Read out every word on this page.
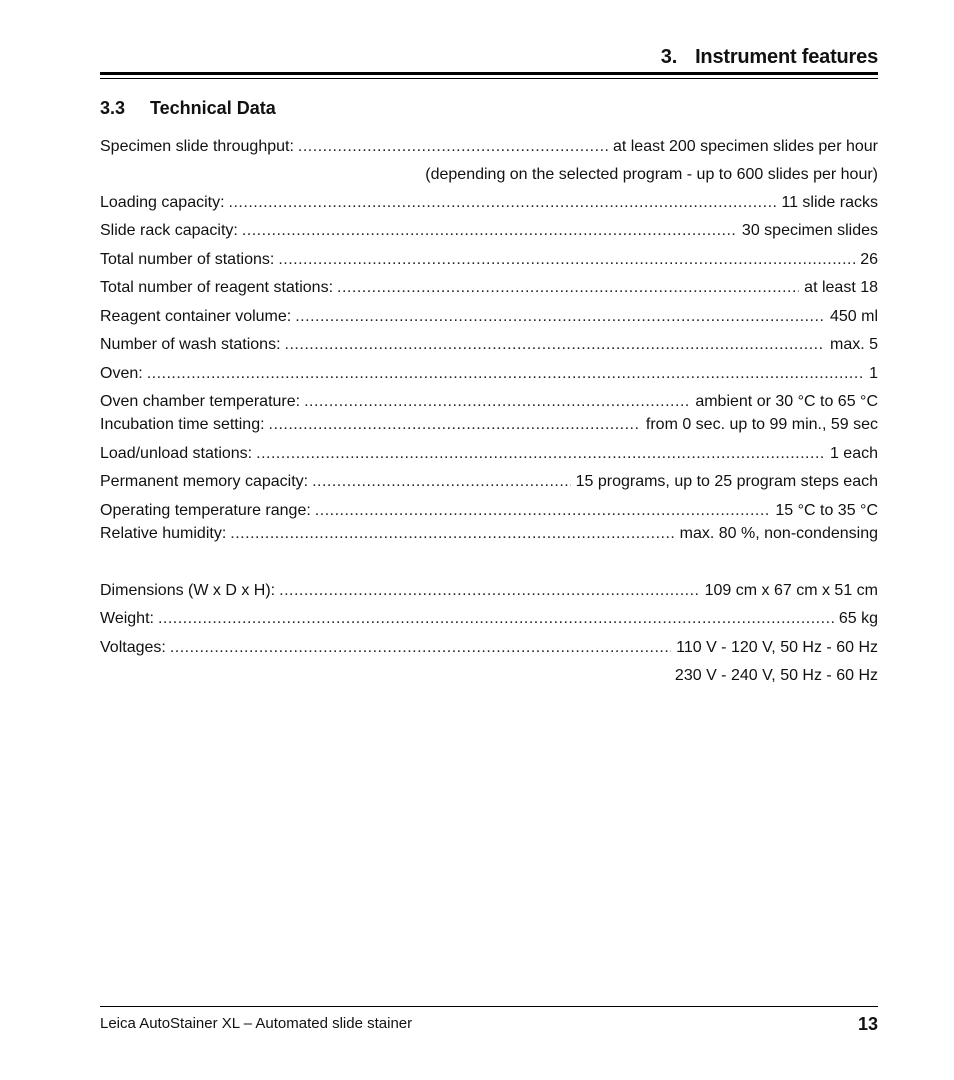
3. Instrument features
3.3 Technical Data
Specimen slide throughput: .....	at least 200 specimen slides per hour
(depending on the selected program - up to 600 slides per hour)
Loading capacity: .....	11 slide racks
Slide rack capacity: .....	30 specimen slides
Total number of stations: .....	26
Total number of reagent stations: .....	at least 18
Reagent container volume: .....	450 ml
Number of wash stations: .....	max. 5
Oven: .....	1
Oven chamber temperature: .....	ambient or 30 °C to 65 °C
Incubation time setting: .....	from 0 sec. up to 99 min., 59 sec
Load/unload stations: .....	1 each
Permanent memory capacity: .....	15 programs, up to 25 program steps each
Operating temperature range: .....	15 °C to 35 °C
Relative humidity: .....	max. 80 %, non-condensing
Dimensions (W x D x H): .....	109 cm x 67 cm x 51 cm
Weight: .....	65 kg
Voltages: .....	110 V - 120 V, 50 Hz - 60 Hz
230 V - 240 V, 50 Hz - 60 Hz
Leica AutoStainer XL – Automated slide stainer	13
